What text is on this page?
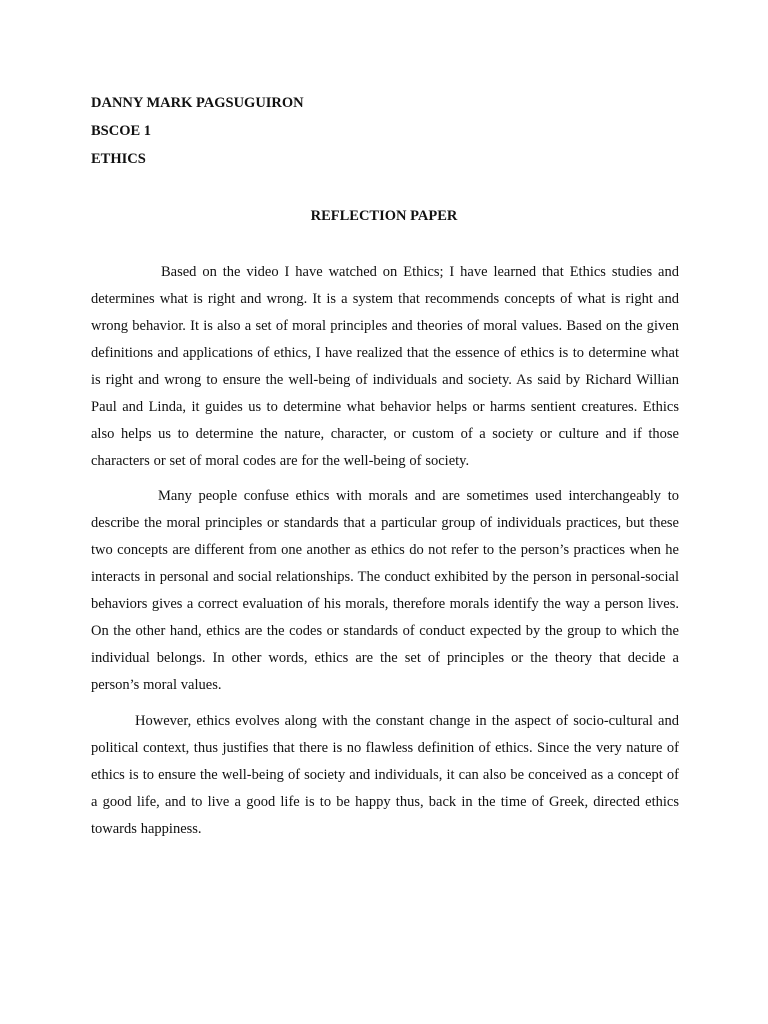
DANNY MARK PAGSUGUIRON

BSCOE 1

ETHICS

REFLECTION PAPER

Based on the video I have watched on Ethics; I have learned that Ethics studies and determines what is right and wrong. It is a system that recommends concepts of what is right and wrong behavior. It is also a set of moral principles and theories of moral values. Based on the given definitions and applications of ethics, I have realized that the essence of ethics is to determine what is right and wrong to ensure the well-being of individuals and society. As said by Richard Willian Paul and Linda, it guides us to determine what behavior helps or harms sentient creatures. Ethics also helps us to determine the nature, character, or custom of a society or culture and if those characters or set of moral codes are for the well-being of society.

Many people confuse ethics with morals and are sometimes used interchangeably to describe the moral principles or standards that a particular group of individuals practices, but these two concepts are different from one another as ethics do not refer to the person’s practices when he interacts in personal and social relationships. The conduct exhibited by the person in personal-social behaviors gives a correct evaluation of his morals, therefore morals identify the way a person lives. On the other hand, ethics are the codes or standards of conduct expected by the group to which the individual belongs. In other words, ethics are the set of principles or the theory that decide a person’s moral values.

However, ethics evolves along with the constant change in the aspect of socio-cultural and political context, thus justifies that there is no flawless definition of ethics. Since the very nature of ethics is to ensure the well-being of society and individuals, it can also be conceived as a concept of a good life, and to live a good life is to be happy thus, back in the time of Greek, directed ethics towards happiness.
